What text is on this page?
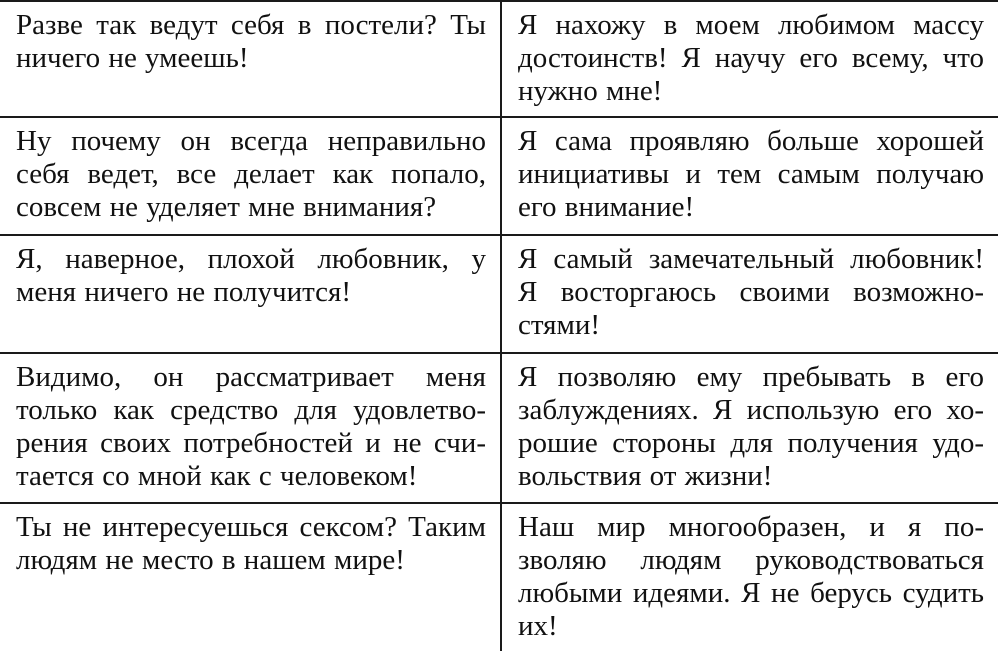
Разве так ведут себя в постели? Ты ничего не умеешь!	Я нахожу в моем любимом массу достоинств! Я научу его всему, что нужно мне!
Ну почему он всегда неправильно себя ведет, все делает как попало, совсем не уделяет мне внимания?	Я сама проявляю больше хорошей инициативы и тем самым получаю его внимание!
Я, наверное, плохой любовник, у меня ничего не получится!	Я самый замечательный любовник! Я восторгаюсь своими возможностями!
Видимо, он рассматривает меня только как средство для удовлетворения своих потребностей и не считается со мной как с человеком!	Я позволяю ему пребывать в его заблуждениях. Я использую его хорошие стороны для получения удовольствия от жизни!
Ты не интересуешься сексом? Таким людям не место в нашем мире!	Наш мир многообразен, и я позволяю людям руководствоваться любыми идеями. Я не берусь судить их!
